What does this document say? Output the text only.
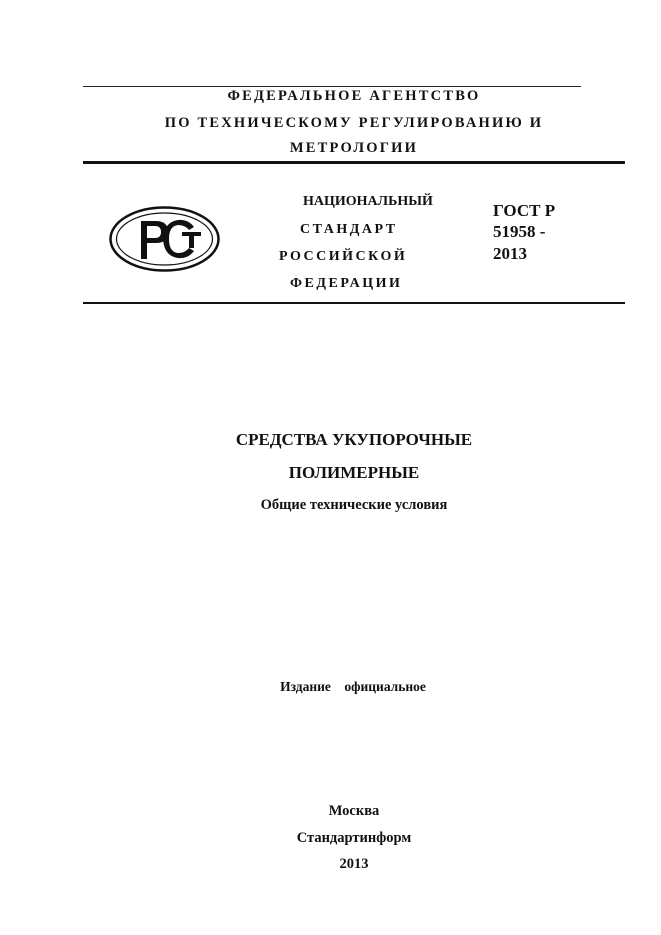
ФЕДЕРАЛЬНОЕ АГЕНТСТВО
ПО ТЕХНИЧЕСКОМУ РЕГУЛИРОВАНИЮ И
МЕТРОЛОГИИ
НАЦИОНАЛЬНЫЙ
СТАНДАРТ
РОССИЙСКОЙ
ФЕДЕРАЦИИ
ГОСТ Р
51958 -
2013
СРЕДСТВА УКУПОРОЧНЫЕ
ПОЛИМЕРНЫЕ
Общие технические условия
Издание    официальное
Москва
Стандартинформ
2013
